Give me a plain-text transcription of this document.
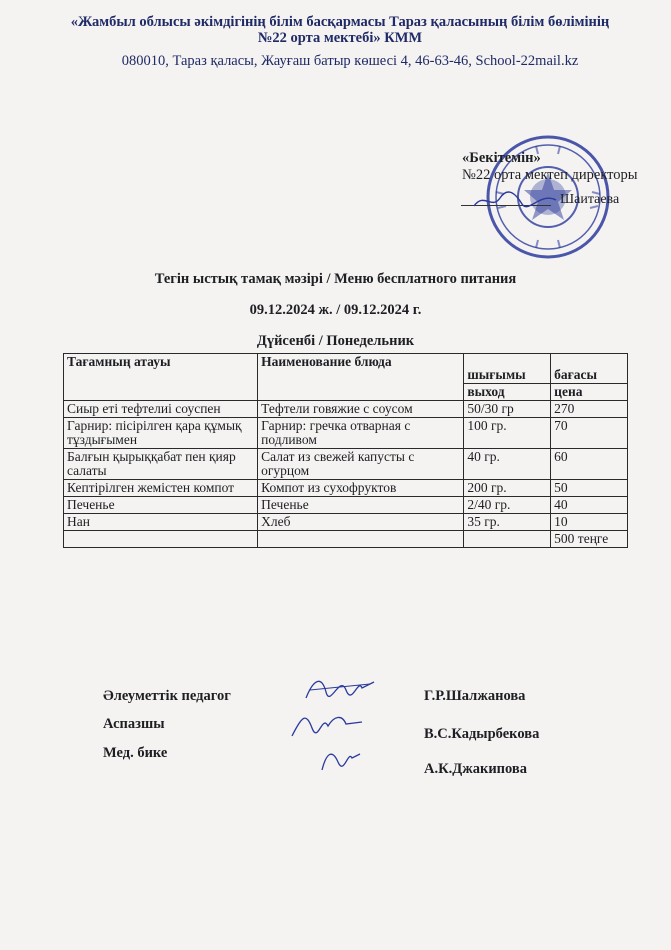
«Жамбыл облысы әкімдігінің білім басқармасы Тараз қаласының білім бөлімінің №22 орта мектебі» КММ
080010, Тараз қаласы, Жауғаш батыр көшесі 4, 46-63-46, School-22mail.kz
«Бекітемін»
№22 орта мектеп директоры
Шаитаева
Тегін ыстық тамақ мәзірі / Меню бесплатного питания
09.12.2024 ж. / 09.12.2024 г.
Дүйсенбі / Понедельник
Тағамның атауы	Наименование блюда	шығымы	бағасы
		выход	цена
Сиыр еті тефтелиі соуспен	Тефтели говяжие с соусом	50/30 гр	270
Гарнир: пісірілген қара құмық тұздығымен	Гарнир: гречка отварная с подливом	100 гр.	70
Балғын қырыққабат пен қияр салаты	Салат из свежей капусты с огурцом	40 гр.	60
Кептірілген жемістен компот	Компот из сухофруктов	200 гр.	50
Печенье	Печенье	2/40 гр.	40
Нан	Хлеб	35 гр.	10
			500 теңге
Әлеуметтік педагог
Аспазшы
Мед. бике
Г.Р.Шалжанова
В.С.Кадырбекова
А.К.Джакипова
